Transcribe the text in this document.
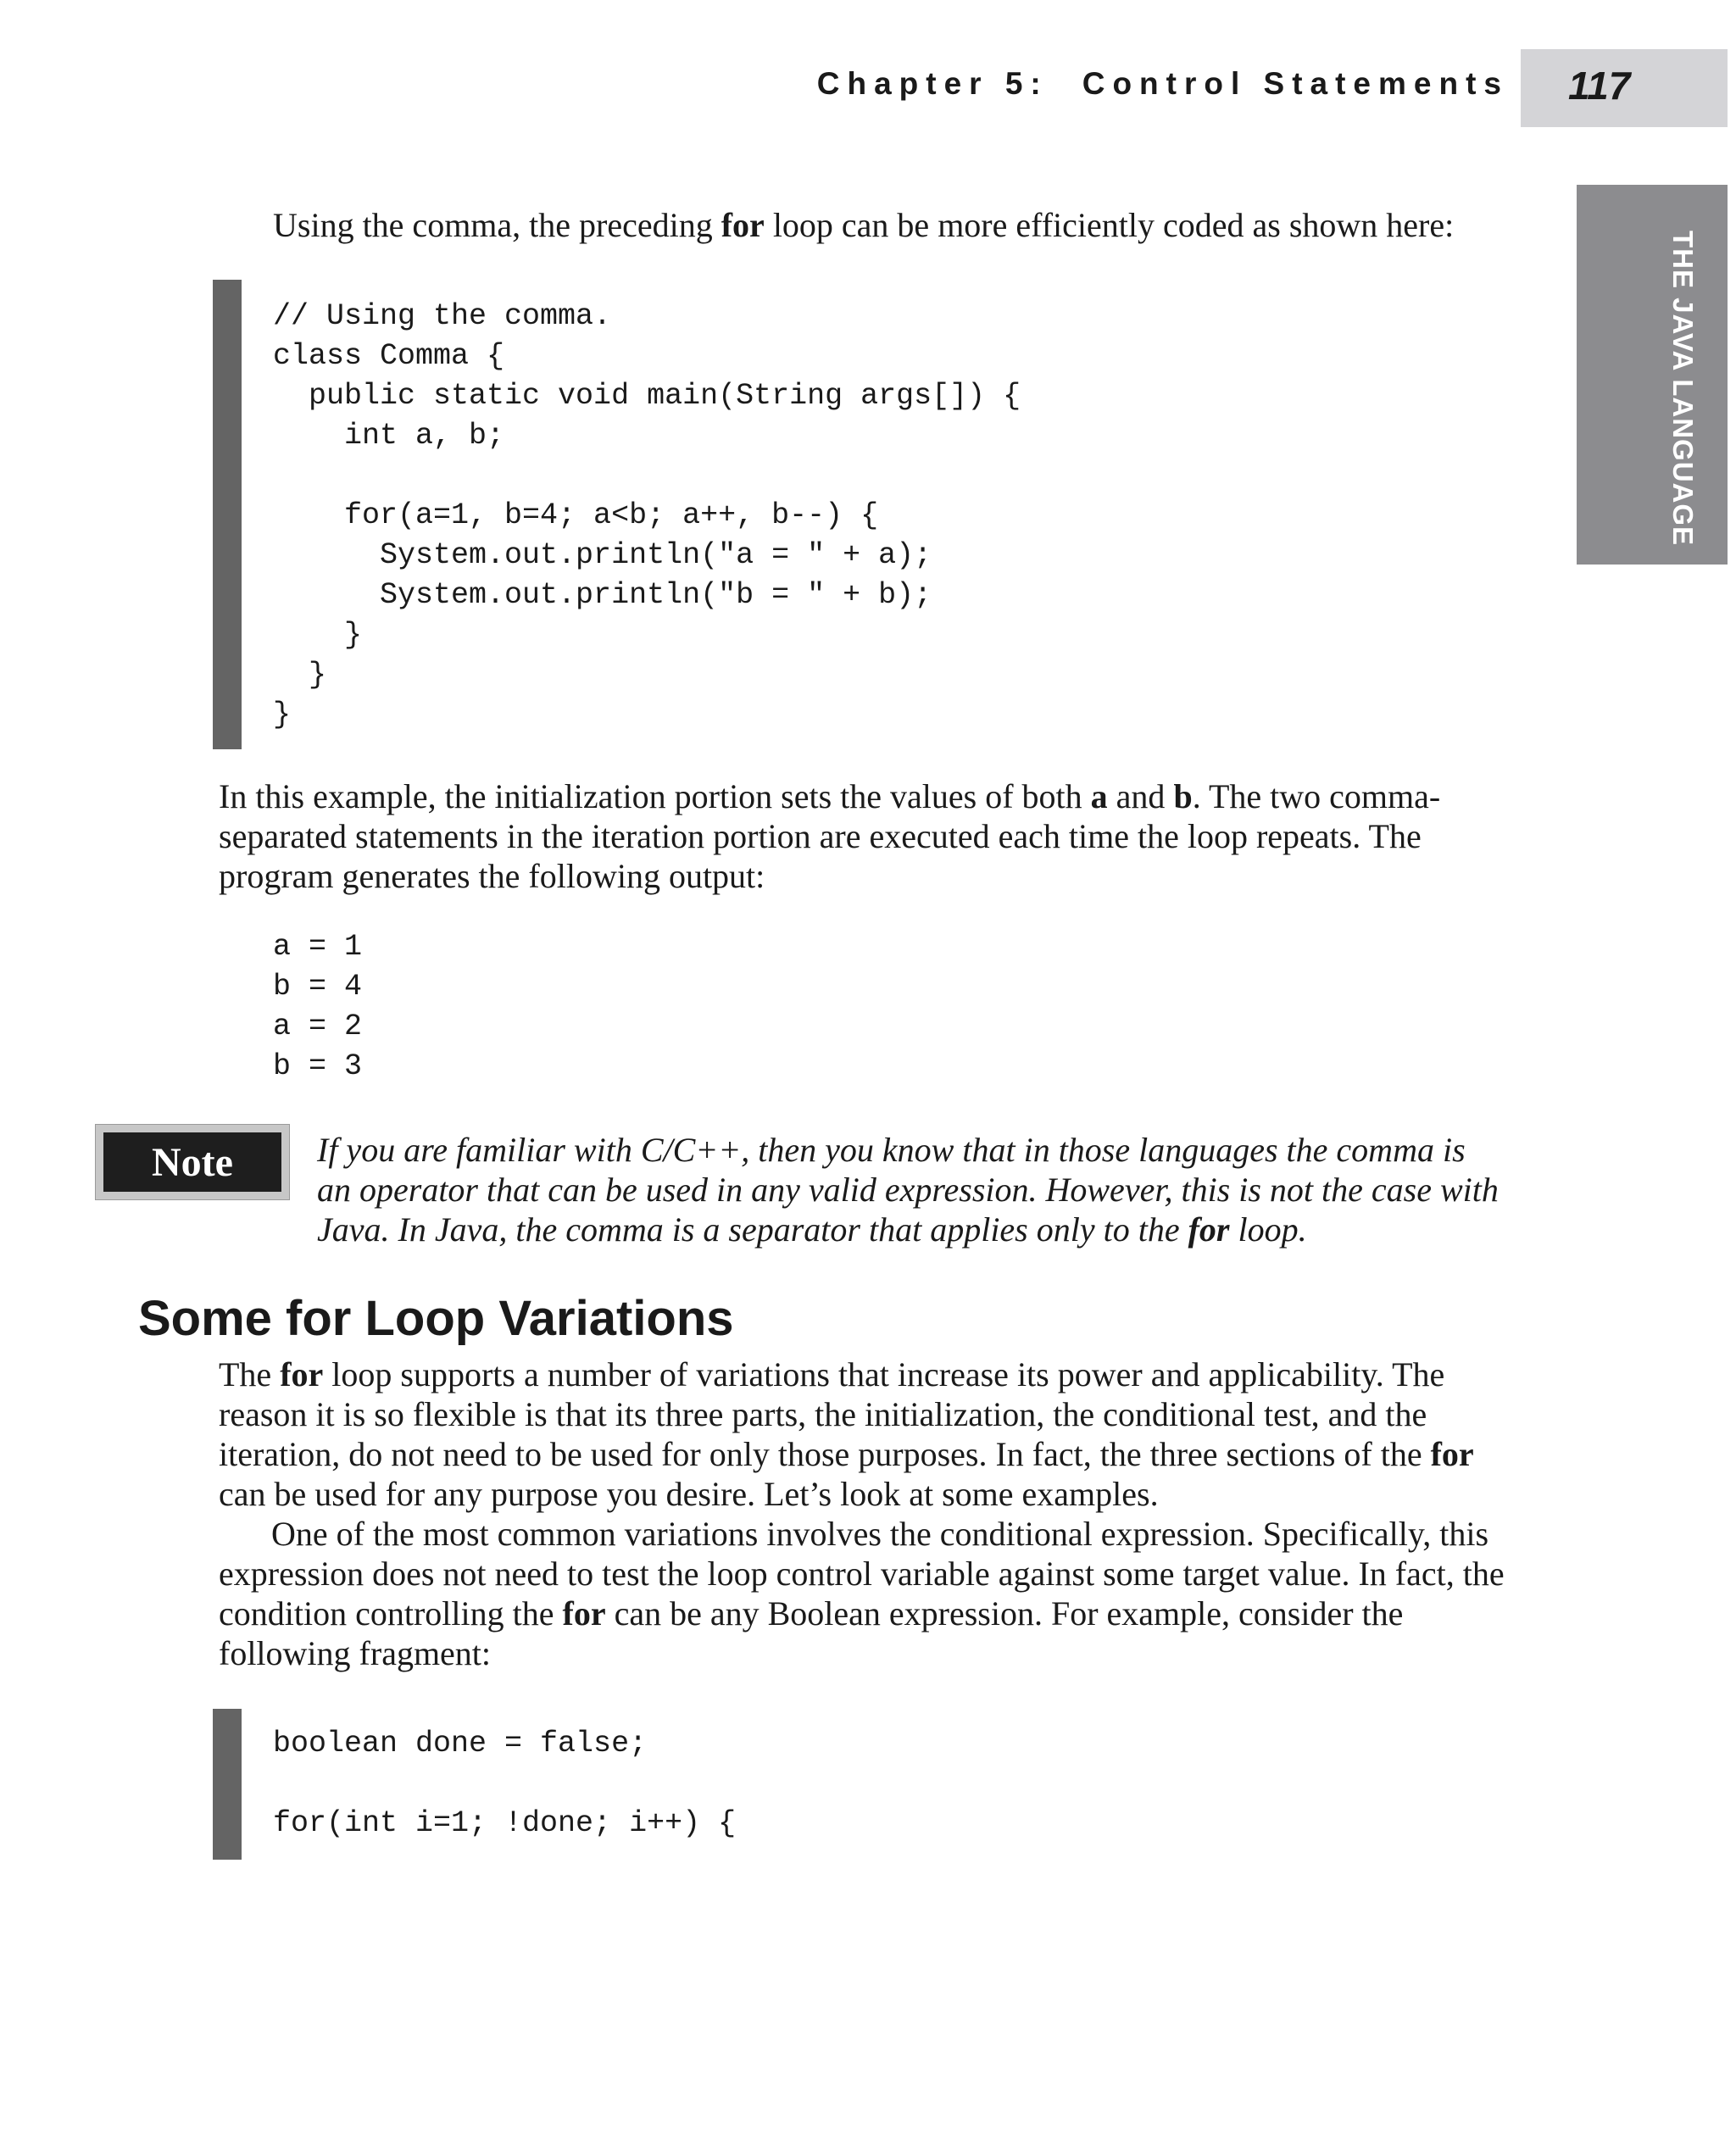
Chapter 5: Control Statements 117
THE JAVA LANGUAGE

Using the comma, the preceding for loop can be more efficiently coded as shown here:

// Using the comma.
class Comma {
public static void main(String args[]) {
int a, b;
for(a=1, b=4; a<b; a++, b--) {
System.out.println("a = " + a);
System.out.println("b = " + b);
}
}
}

In this example, the initialization portion sets the values of both a and b. The two comma-separated statements in the iteration portion are executed each time the loop repeats. The program generates the following output:

a = 1
b = 4
a = 2
b = 3
Note If you are familiar with C/C++, then you know that in those languages the comma is an operator that can be used in any valid expression. However, this is not the case with Java. In Java, the comma is a separator that applies only to the for loop.

Some for Loop Variations

The for loop supports a number of variations that increase its power and applicability. The reason it is so flexible is that its three parts, the initialization, the conditional test, and the iteration, do not need to be used for only those purposes. In fact, the three sections of the for can be used for any purpose you desire. Let’s look at some examples.

One of the most common variations involves the conditional expression. Specifically, this expression does not need to test the loop control variable against some target value. In fact, the condition controlling the for can be any Boolean expression. For example, consider the following fragment:

boolean done = false;
for(int i=1; !done; i++) {
